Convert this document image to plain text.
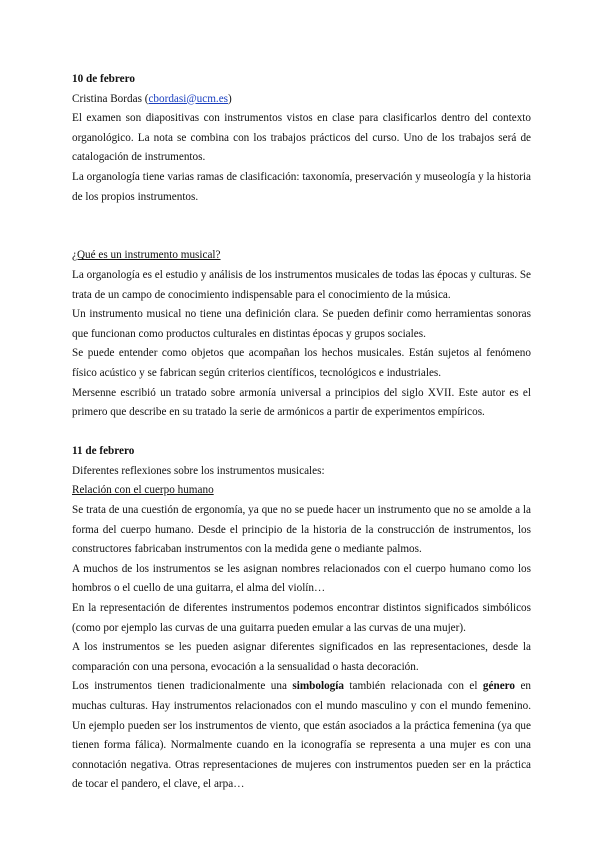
10 de febrero

Cristina Bordas (cbordasi@ucm.es)

El examen son diapositivas con instrumentos vistos en clase para clasificarlos dentro del contexto organológico. La nota se combina con los trabajos prácticos del curso. Uno de los trabajos será de catalogación de instrumentos.

La organología tiene varias ramas de clasificación: taxonomía, preservación y museología y la historia de los propios instrumentos.

¿Qué es un instrumento musical?

La organología es el estudio y análisis de los instrumentos musicales de todas las épocas y culturas. Se trata de un campo de conocimiento indispensable para el conocimiento de la música.

Un instrumento musical no tiene una definición clara. Se pueden definir como herramientas sonoras que funcionan como productos culturales en distintas épocas y grupos sociales.

Se puede entender como objetos que acompañan los hechos musicales. Están sujetos al fenómeno físico acústico y se fabrican según criterios científicos, tecnológicos e industriales.

Mersenne escribió un tratado sobre armonía universal a principios del siglo XVII. Este autor es el primero que describe en su tratado la serie de armónicos a partir de experimentos empíricos.

11 de febrero

Diferentes reflexiones sobre los instrumentos musicales:

Relación con el cuerpo humano

Se trata de una cuestión de ergonomía, ya que no se puede hacer un instrumento que no se amolde a la forma del cuerpo humano. Desde el principio de la historia de la construcción de instrumentos, los constructores fabricaban instrumentos con la medida gene o mediante palmos.

A muchos de los instrumentos se les asignan nombres relacionados con el cuerpo humano como los hombros o el cuello de una guitarra, el alma del violín…

En la representación de diferentes instrumentos podemos encontrar distintos significados simbólicos (como por ejemplo las curvas de una guitarra pueden emular a las curvas de una mujer).

A los instrumentos se les pueden asignar diferentes significados en las representaciones, desde la comparación con una persona, evocación a la sensualidad o hasta decoración.

Los instrumentos tienen tradicionalmente una simbología también relacionada con el género en muchas culturas. Hay instrumentos relacionados con el mundo masculino y con el mundo femenino. Un ejemplo pueden ser los instrumentos de viento, que están asociados a la práctica femenina (ya que tienen forma fálica). Normalmente cuando en la iconografía se representa a una mujer es con una connotación negativa. Otras representaciones de mujeres con instrumentos pueden ser en la práctica de tocar el pandero, el clave, el arpa…
